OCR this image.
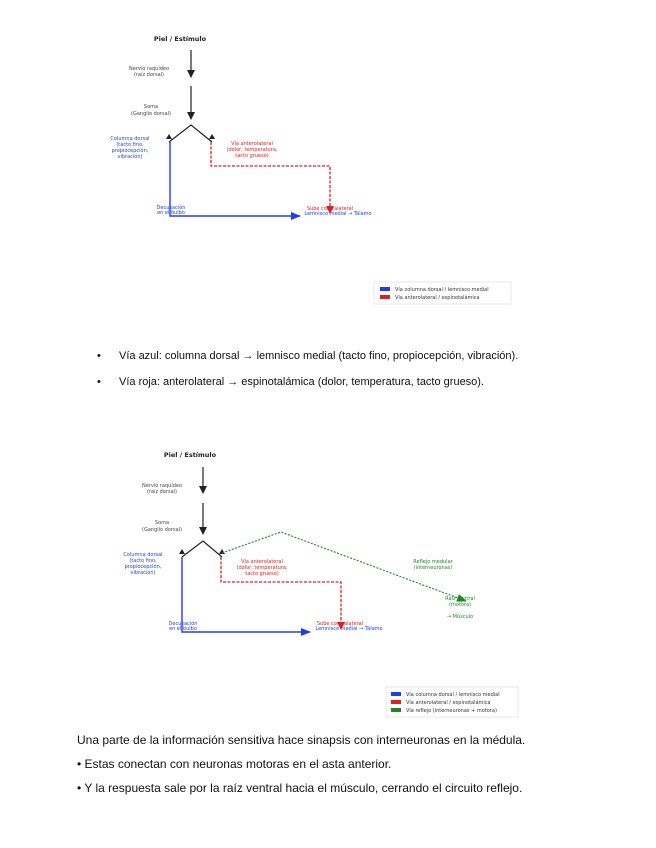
Piel / Estímulo
Nervio raquídeo
(raíz dorsal)
Soma
(Ganglio dorsal)
Columna dorsal
(tacto fino,
propiocepción,
vibración)
Decusación
en el bulbo	Lemnisco medial → Tálamo
Vía anterolateral
(dolor, temperatura,
tacto grueso)
Sube contralateral
Vía columna dorsal / lemnisco medial
Vía anterolateral / espinotalámica
• Vía azul: columna dorsal → lemnisco medial (tacto fino, propiocepción, vibración).
• Vía roja: anterolateral → espinotalámica (dolor, temperatura, tacto grueso).
Piel / Estímulo
Nervio raquídeo
(raíz dorsal)
Soma
(Ganglio dorsal)
Columna dorsal
(tacto fino,
propiocepción,
vibración)
Decusación
en el bulbo	Lemnisco medial → Tálamo
Vía anterolateral
(dolor, temperatura,
tacto grueso)
Sube contralateral
Reflejo medular
(interneuronas)
Raíz ventral
(motora)
→ Músculo
Vía columna dorsal / lemnisco medial
Vía anterolateral / espinotalámica
Vía reflejo (interneuronas + motora)

Una parte de la información sensitiva hace sinapsis con interneuronas en la médula.

• Estas conectan con neuronas motoras en el asta anterior.

• Y la respuesta sale por la raíz ventral hacia el músculo, cerrando el circuito reflejo.
